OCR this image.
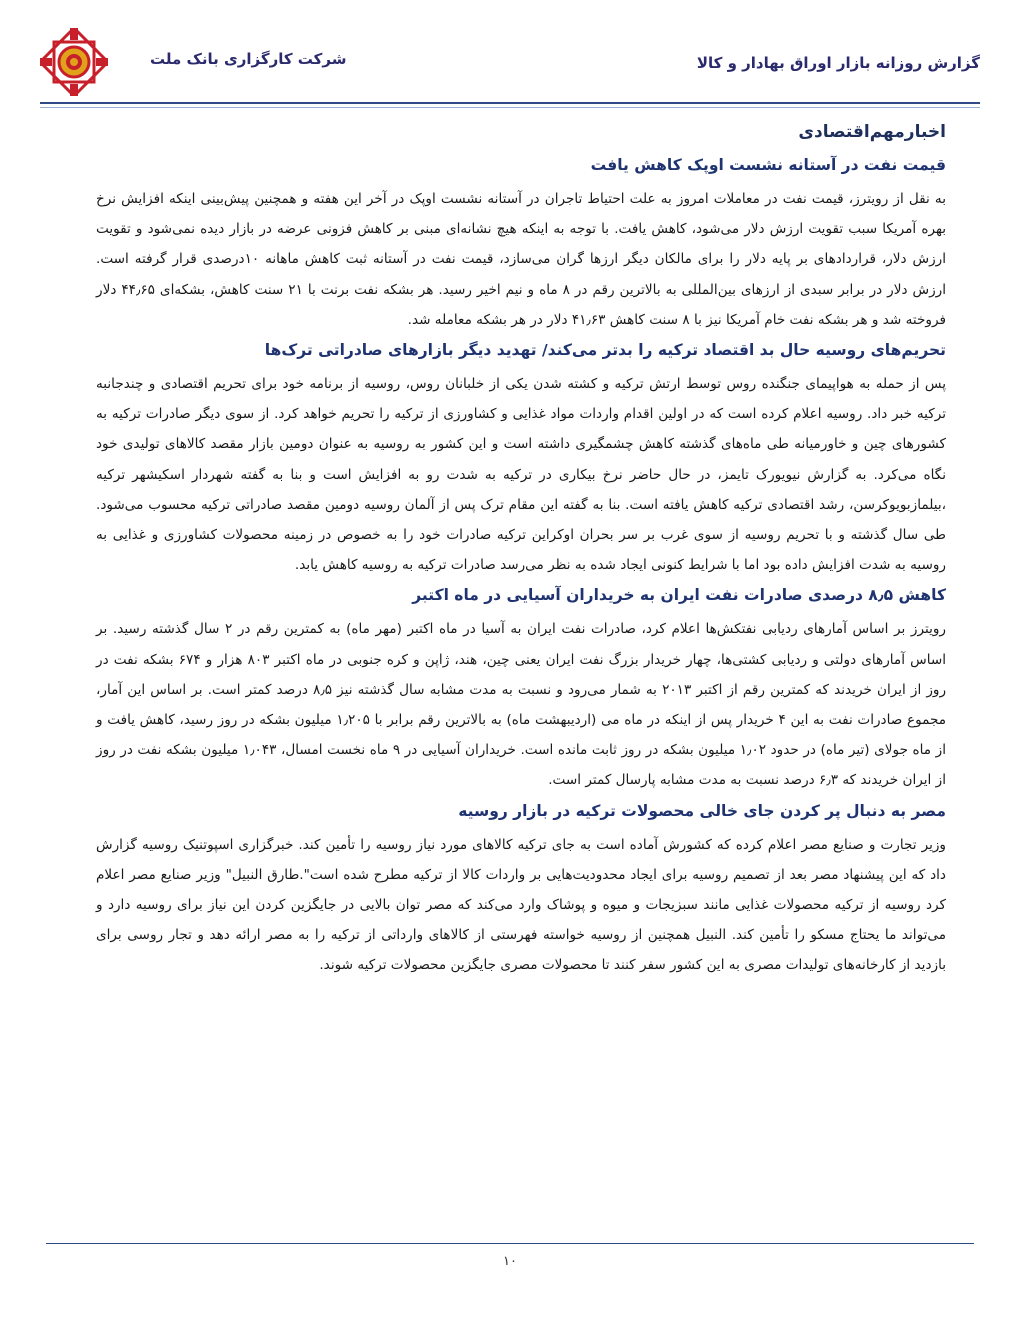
شرکت کارگزاری بانک ملت	گزارش روزانه بازار اوراق بهادار و کالا
اخبارمهم‌اقتصادی
قیمت نفت در آستانه نشست اوپک کاهش یافت

به نقل از رویترز، قیمت نفت در معاملات امروز به علت احتیاط تاجران در آستانه نشست اوپک در آخر این هفته و همچنین پیش‌بینی اینکه افزایش نرخ بهره آمریکا سبب تقویت ارزش دلار می‌شود، کاهش یافت. با توجه به اینکه هیچ نشانه‌ای مبنی بر کاهش فزونی عرضه در بازار دیده نمی‌شود و تقویت ارزش دلار، قراردادهای بر پایه دلار را برای مالکان دیگر ارزها گران می‌سازد، قیمت نفت در آستانه ثبت کاهش ماهانه ۱۰درصدی قرار گرفته است. ارزش دلار در برابر سبدی از ارزهای بین‌المللی به بالاترین رقم در ۸ ماه و نیم اخیر رسید. هر بشکه نفت برنت با ۲۱ سنت کاهش، بشکه‌ای ۴۴٫۶۵ دلار فروخته شد و هر بشکه نفت خام آمریکا نیز با ۸ سنت کاهش ۴۱٫۶۳ دلار در هر بشکه معامله شد.

تحریم‌های روسیه حال بد اقتصاد ترکیه را بدتر می‌کند/ تهدید دیگر بازارهای صادراتی ترک‌ها

پس از حمله به هواپیمای جنگنده روس توسط ارتش ترکیه و کشته شدن یکی از خلبانان روس، روسیه از برنامه خود برای تحریم اقتصادی و چندجانبه ترکیه خبر داد. روسیه اعلام کرده است که در اولین اقدام واردات مواد غذایی و کشاورزی از ترکیه را تحریم خواهد کرد. از سوی دیگر صادرات ترکیه به کشورهای چین و خاورمیانه طی ماه‌های گذشته کاهش چشمگیری داشته است و این کشور به روسیه به عنوان دومین بازار مقصد کالاهای تولیدی خود نگاه می‌کرد. به گزارش نیویورک تایمز، در حال حاضر نرخ بیکاری در ترکیه به شدت رو به افزایش است و بنا به گفته شهردار اسکیشهر ترکیه ،بیلمازبویوکرسن، رشد اقتصادی ترکیه کاهش یافته است. بنا به گفته این مقام ترک پس از آلمان روسیه دومین مقصد صادراتی ترکیه محسوب می‌شود. طی سال گذشته و با تحریم روسیه از سوی غرب بر سر بحران اوکراین ترکیه صادرات خود را به خصوص در زمینه محصولات کشاورزی و غذایی به روسیه به شدت افزایش داده بود اما با شرایط کنونی ایجاد شده به نظر می‌رسد صادرات ترکیه به روسیه کاهش یابد.

کاهش ۸٫۵ درصدی صادرات نفت ایران به خریداران آسیایی در ماه اکتبر

رویترز بر اساس آمارهای ردیابی نفتکش‌ها اعلام کرد، صادرات نفت ایران به آسیا در ماه اکتبر (مهر ماه) به کمترین رقم در ۲ سال گذشته رسید. بر اساس آمارهای دولتی و ردیابی کشتی‌ها، چهار خریدار بزرگ نفت ایران یعنی چین، هند، ژاپن و کره جنوبی در ماه اکتبر ۸۰۳ هزار و ۶۷۴ بشکه نفت در روز از ایران خریدند که کمترین رقم از اکتبر ۲۰۱۳ به شمار می‌رود و نسبت به مدت مشابه سال گذشته نیز ۸٫۵ درصد کمتر است. بر اساس این آمار، مجموع صادرات نفت به این ۴ خریدار پس از اینکه در ماه می (اردیبهشت ماه) به بالاترین رقم برابر با ۱٫۲۰۵ میلیون بشکه در روز رسید، کاهش یافت و از ماه جولای (تیر ماه) در حدود ۱٫۰۲ میلیون بشکه در روز ثابت مانده است. خریداران آسیایی در ۹ ماه نخست امسال، ۱٫۰۴۳ میلیون بشکه نفت در روز از ایران خریدند که ۶٫۳ درصد نسبت به مدت مشابه پارسال کمتر است.

مصر به دنبال پر کردن جای خالی محصولات ترکیه در بازار روسیه

وزیر تجارت و صنایع مصر اعلام کرده که کشورش آماده است به جای ترکیه کالاهای مورد نیاز روسیه را تأمین کند. خبرگزاری اسپوتنیک روسیه گزارش داد که این پیشنهاد مصر بعد از تصمیم روسیه برای ایجاد محدودیت‌هایی بر واردات کالا از ترکیه مطرح شده است".طارق النبیل" وزیر صنایع مصر اعلام کرد روسیه از ترکیه محصولات غذایی مانند سبزیجات و میوه و پوشاک وارد می‌کند که مصر توان بالایی در جایگزین کردن این نیاز برای روسیه دارد و می‌تواند ما یحتاج مسکو را تأمین کند. النبیل همچنین از روسیه خواسته فهرستی از کالاهای وارداتی از ترکیه را به مصر ارائه دهد و تجار روسی برای بازدید از کارخانه‌های تولیدات مصری به این کشور سفر کنند تا محصولات مصری جایگزین محصولات ترکیه شوند.

۱۰
